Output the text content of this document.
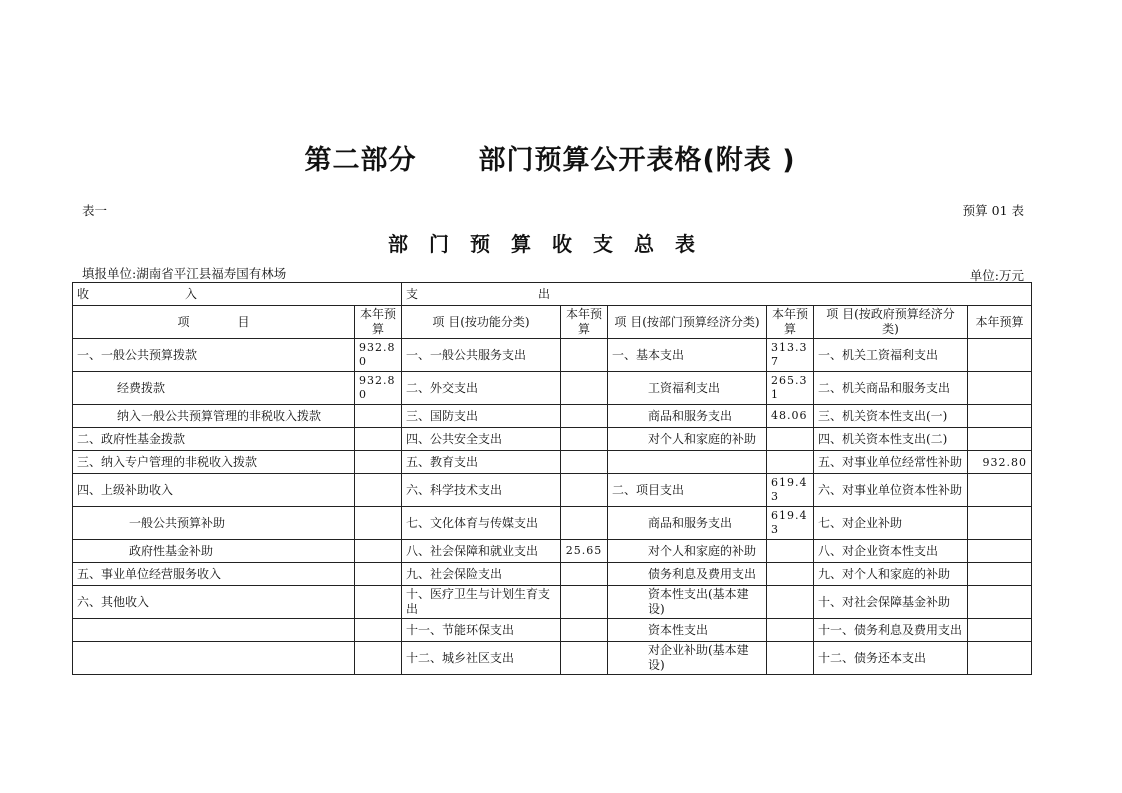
第二部分 部门预算公开表格(附表 )
表一	预算 01 表
部门预算收支总表
填报单位:湖南省平江县福寿国有林场	单位:万元
收　　　　　　　　入		支　　　　　　　　　　出					
项　　　　目	本年预算	项 目(按功能分类)	本年预算	项 目(按部门预算经济分类)	本年预算	项 目(按政府预算经济分类)	本年预算
一、一般公共预算拨款	932.80	一、一般公共服务支出		一、基本支出	313.37	一、机关工资福利支出	
经费拨款	932.80	二、外交支出		工资福利支出	265.31	二、机关商品和服务支出	
纳入一般公共预算管理的非税收入拨款		三、国防支出		商品和服务支出	48.06	三、机关资本性支出(一)	
二、政府性基金拨款		四、公共安全支出		对个人和家庭的补助		四、机关资本性支出(二)	
三、纳入专户管理的非税收入拨款		五、教育支出				五、对事业单位经常性补助	932.80
四、上级补助收入		六、科学技术支出		二、项目支出	619.43	六、对事业单位资本性补助	
一般公共预算补助		七、文化体育与传媒支出		商品和服务支出	619.43	七、对企业补助	
政府性基金补助		八、社会保障和就业支出	25.65	对个人和家庭的补助		八、对企业资本性支出	
五、事业单位经营服务收入		九、社会保险支出		债务利息及费用支出		九、对个人和家庭的补助	
六、其他收入		十、医疗卫生与计划生育支出		资本性支出(基本建设)		十、对社会保障基金补助	
		十一、节能环保支出		资本性支出		十一、债务利息及费用支出	
		十二、城乡社区支出		对企业补助(基本建设)		十二、债务还本支出	
